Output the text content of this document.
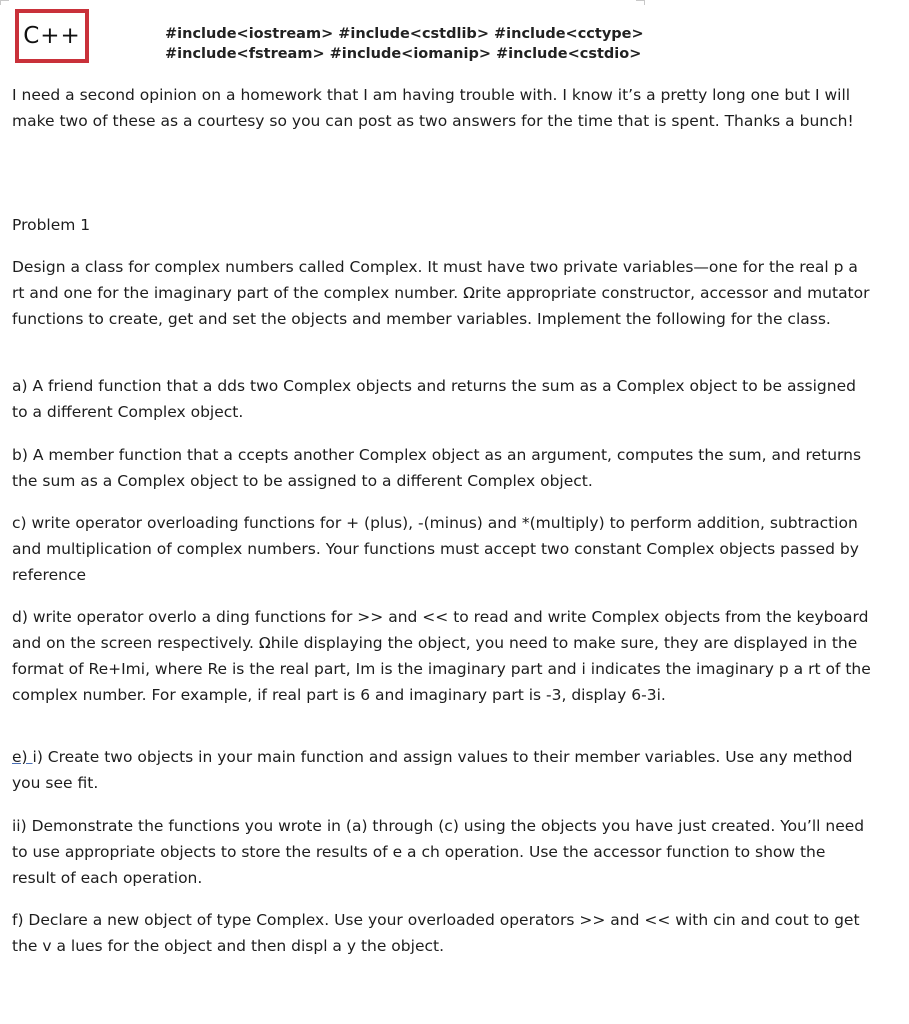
C++	#include<iostream> #include<cstdlib> #include<cctype>
#include<fstream> #include<iomanip> #include<cstdio>

I need a second opinion on a homework that I am having trouble with. I know it’s a pretty long one but I will make two of these as a courtesy so you can post as two answers for the time that is spent. Thanks a bunch!

Problem 1

Design a class for complex numbers called Complex. It must have two private variables—one for the real p a rt and one for the imaginary part of the complex number. Ωrite appropriate constructor, accessor and mutator functions to create, get and set the objects and member variables. Implement the following for the class.

a) A friend function that a dds two Complex objects and returns the sum as a Complex object to be assigned to a different Complex object.

b) A member function that a ccepts another Complex object as an argument, computes the sum, and returns the sum as a Complex object to be assigned to a different Complex object.

c) write operator overloading functions for + (plus), -(minus) and *(multiply) to perform addition, subtraction and multiplication of complex numbers. Your functions must accept two constant Complex objects passed by reference

d) write operator overlo a ding functions for >> and << to read and write Complex objects from the keyboard and on the screen respectively. Ωhile displaying the object, you need to make sure, they are displayed in the format of Re+Imi, where Re is the real part, Im is the imaginary part and i indicates the imaginary p a rt of the complex number. For example, if real part is 6 and imaginary part is -3, display 6-3i.

e) i) Create two objects in your main function and assign values to their member variables. Use any method you see fit.

ii) Demonstrate the functions you wrote in (a) through (c) using the objects you have just created. You’ll need to use appropriate objects to store the results of e a ch operation. Use the accessor function to show the result of each operation.

f) Declare a new object of type Complex. Use your overloaded operators >> and << with cin and cout to get the v a lues for the object and then displ a y the object.
